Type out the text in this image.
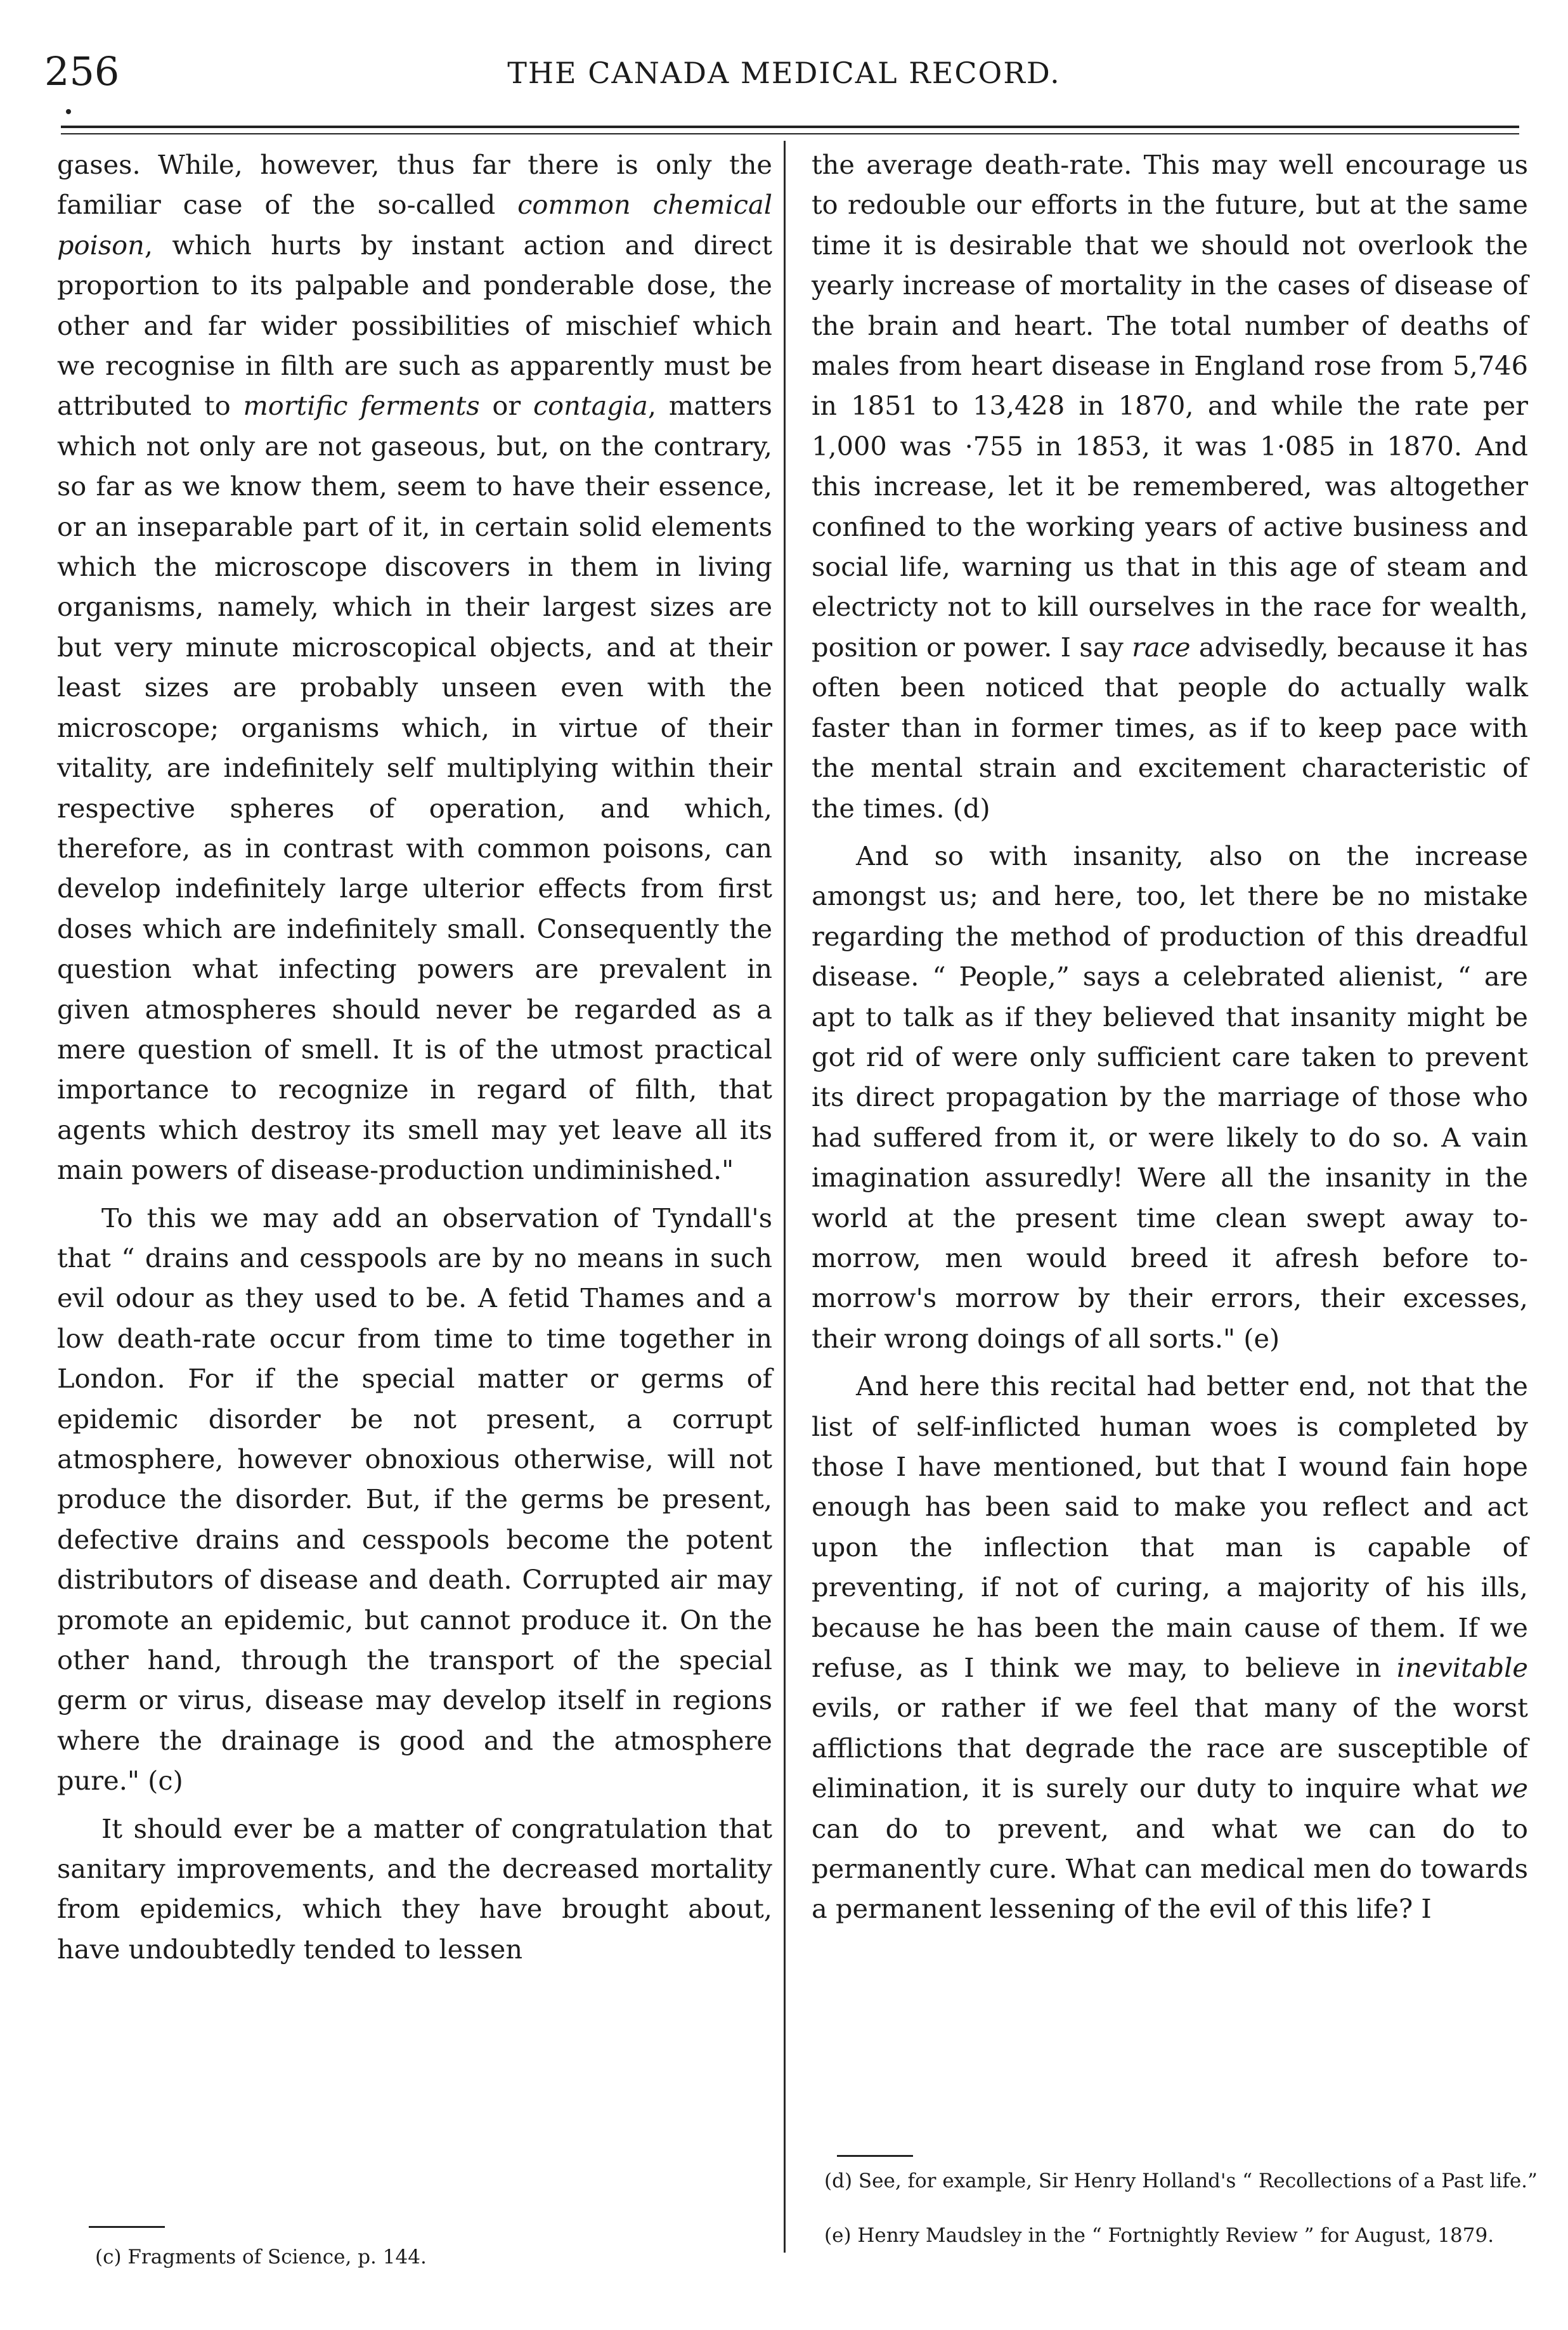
256	THE CANADA MEDICAL RECORD.

gases. While, however, thus far there is only the familiar case of the so-called common chemical poison, which hurts by instant action and direct proportion to its palpable and ponderable dose, the other and far wider possibilities of mischief which we recognise in filth are such as apparently must be attributed to mortific ferments or contagia, matters which not only are not gaseous, but, on the contrary, so far as we know them, seem to have their essence, or an inseparable part of it, in certain solid elements which the microscope discovers in them in living organisms, namely, which in their largest sizes are but very minute microscopical objects, and at their least sizes are probably unseen even with the microscope; organisms which, in virtue of their vitality, are indefinitely self multiplying within their respective spheres of operation, and which, therefore, as in contrast with common poisons, can develop indefinitely large ulterior effects from first doses which are indefinitely small. Consequently the question what infecting powers are prevalent in given atmospheres should never be regarded as a mere question of smell. It is of the utmost practical importance to recognize in regard of filth, that agents which destroy its smell may yet leave all its main powers of disease-production undiminished."

To this we may add an observation of Tyndall's that “ drains and cesspools are by no means in such evil odour as they used to be. A fetid Thames and a low death-rate occur from time to time together in London. For if the special matter or germs of epidemic disorder be not present, a corrupt atmosphere, however obnoxious otherwise, will not produce the disorder. But, if the germs be present, defective drains and cesspools become the potent distributors of disease and death. Corrupted air may promote an epidemic, but cannot produce it. On the other hand, through the transport of the special germ or virus, disease may develop itself in regions where the drainage is good and the atmosphere pure." (c)

It should ever be a matter of congratulation that sanitary improvements, and the decreased mortality from epidemics, which they have brought about, have undoubtedly tended to lessen

the average death-rate. This may well encourage us to redouble our efforts in the future, but at the same time it is desirable that we should not overlook the yearly increase of mortality in the cases of disease of the brain and heart. The total number of deaths of males from heart disease in England rose from 5,746 in 1851 to 13,428 in 1870, and while the rate per 1,000 was ·755 in 1853, it was 1·085 in 1870. And this increase, let it be remembered, was altogether confined to the working years of active business and social life, warning us that in this age of steam and electricty not to kill ourselves in the race for wealth, position or power. I say race advisedly, because it has often been noticed that people do actually walk faster than in former times, as if to keep pace with the mental strain and excitement characteristic of the times. (d)

And so with insanity, also on the increase amongst us; and here, too, let there be no mistake regarding the method of production of this dreadful disease. “ People,” says a celebrated alienist, “ are apt to talk as if they believed that insanity might be got rid of were only sufficient care taken to prevent its direct propagation by the marriage of those who had suffered from it, or were likely to do so. A vain imagination assuredly! Were all the insanity in the world at the present time clean swept away to-morrow, men would breed it afresh before to-morrow's morrow by their errors, their excesses, their wrong doings of all sorts." (e)

And here this recital had better end, not that the list of self-inflicted human woes is completed by those I have mentioned, but that I wound fain hope enough has been said to make you reflect and act upon the inflection that man is capable of preventing, if not of curing, a majority of his ills, because he has been the main cause of them. If we refuse, as I think we may, to believe in inevitable evils, or rather if we feel that many of the worst afflictions that degrade the race are susceptible of elimination, it is surely our duty to inquire what we can do to prevent, and what we can do to permanently cure. What can medical men do towards a permanent lessening of the evil of this life? I

(d) See, for example, Sir Henry Holland's “ Recollections of a Past life.”
(e) Henry Maudsley in the “ Fortnightly Review ” for August, 1879.
(c) Fragments of Science, p. 144.
